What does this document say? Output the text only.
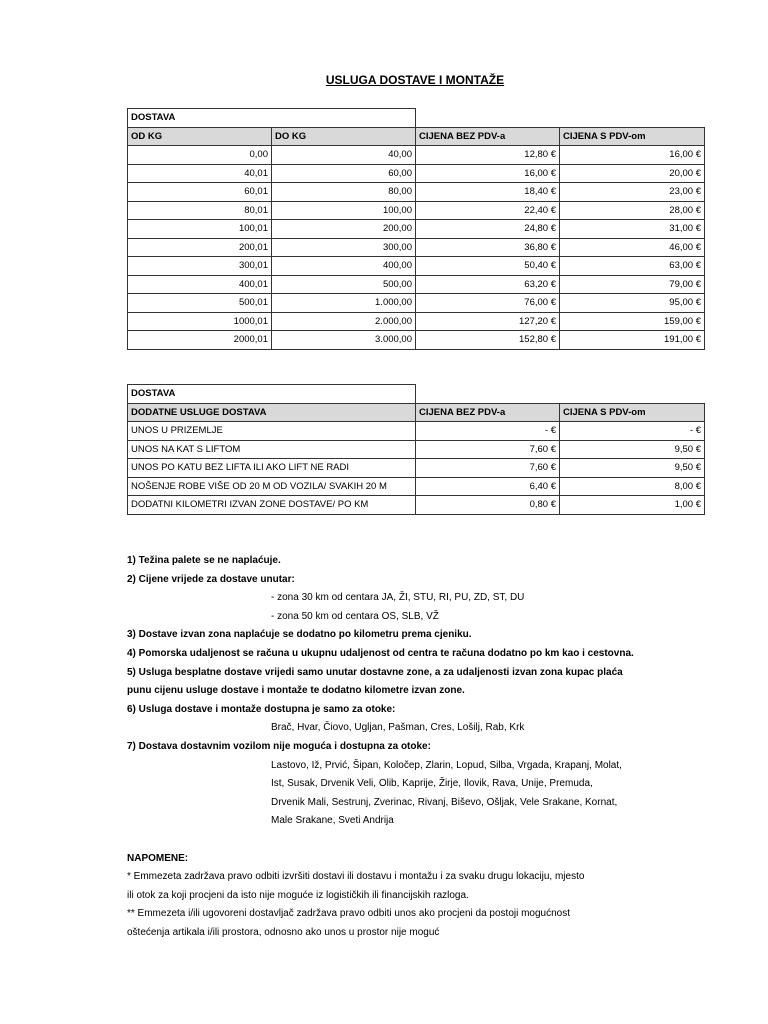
USLUGA DOSTAVE I MONTAŽE
DOSTAVA			
OD KG	DO KG	CIJENA BEZ PDV-a	CIJENA S PDV-om
0,00	40,00	12,80 €	16,00 €
40,01	60,00	16,00 €	20,00 €
60,01	80,00	18,40 €	23,00 €
80,01	100,00	22,40 €	28,00 €
100,01	200,00	24,80 €	31,00 €
200,01	300,00	36,80 €	46,00 €
300,01	400,00	50,40 €	63,00 €
400,01	500,00	63,20 €	79,00 €
500,01	1.000,00	76,00 €	95,00 €
1000,01	2.000,00	127,20 €	159,00 €
2000,01	3.000,00	152,80 €	191,00 €
DOSTAVA		
DODATNE USLUGE DOSTAVA	CIJENA BEZ PDV-a	CIJENA S PDV-om
UNOS U PRIZEMLJE	- €	- €
UNOS NA KAT S LIFTOM	7,60 €	9,50 €
UNOS PO KATU BEZ LIFTA ILI AKO LIFT NE RADI	7,60 €	9,50 €
NOŠENJE ROBE VIŠE OD 20 M OD VOZILA/ SVAKIH 20 M	6,40 €	8,00 €
DODATNI KILOMETRI IZVAN ZONE DOSTAVE/ PO KM	0,80 €	1,00 €
1) Težina palete se ne naplaćuje.
2) Cijene vrijede za dostave unutar:
- zona 30 km od centara JA, ŽI, STU, RI, PU, ZD, ST, DU
- zona 50 km od centara OS, SLB, VŽ
3) Dostave izvan zona naplaćuje se dodatno po kilometru prema cjeniku.
4) Pomorska udaljenost se računa u ukupnu udaljenost od centra te računa dodatno po km kao i cestovna.
5) Usluga besplatne dostave vrijedi samo unutar dostavne zone, a za udaljenosti izvan zona kupac plaća
punu cijenu usluge dostave i montaže te dodatno kilometre izvan zone.
6) Usluga dostave i montaže dostupna je samo za otoke:
Brač, Hvar, Čiovo, Ugljan, Pašman, Cres, Lošilj, Rab, Krk
7) Dostava dostavnim vozilom nije moguća i dostupna za otoke:
Lastovo, Iž, Prvić, Šipan, Koločep, Zlarin, Lopud, Silba, Vrgada, Krapanj, Molat,
Ist, Susak, Drvenik Veli, Olib, Kaprije, Žirje, Ilovik, Rava, Unije, Premuda,
Drvenik Mali, Sestrunj, Zverinac, Rivanj, Biševo, Ošljak, Vele Srakane, Kornat,
Male Srakane, Sveti Andrija
NAPOMENE:
* Emmezeta zadržava pravo odbiti izvršiti dostavi ili dostavu i montažu i za svaku drugu lokaciju, mjesto
ili otok za koji procjeni da isto nije moguće iz logističkih ili financijskih razloga.
** Emmezeta i/ili ugovoreni dostavljač zadržava pravo odbiti unos ako procjeni da postoji mogućnost
oštećenja artikala i/ili prostora, odnosno ako unos u prostor nije moguć
